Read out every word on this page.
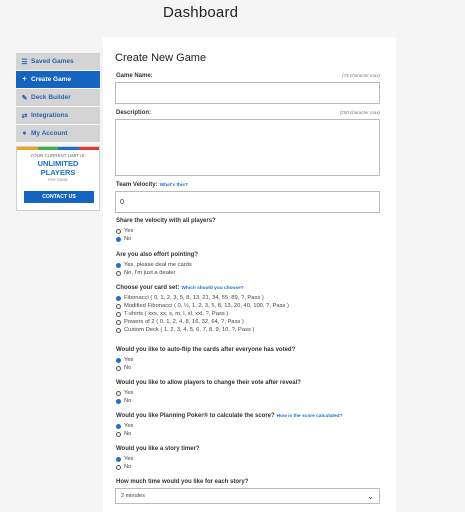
Dashboard
☰ Saved Games
+ Create Game
✎ Deck Builder
⇄ Integrations
● My Account
YOUR CURRENT LIMIT IS:
UNLIMITED
PLAYERS
PER GAME
CONTACT US
Create New Game
Game Name:	(75 character max)
Description:	(250 character max)
Team Velocity: What's this?
0
Share the velocity with all players?
Yes
No
Are you also effort pointing?
Yes, please deal me cards
No, I'm just a dealer
Choose your card set: Which should you choose?
Fibonacci ( 0, 1, 2, 3, 5, 8, 13, 21, 34, 55, 89, ?, Pass )
Modified Fibonacci ( 0, ½, 1, 2, 3, 5, 8, 13, 20, 40, 100, ?, Pass )
T-shirts ( xxs, xs, s, m, l, xl, xxl, ?, Pass )
Powers of 2 ( 0, 1, 2, 4, 8, 16, 32, 64, ?, Pass )
Custom Deck ( 1, 2, 3, 4, 5, 6, 7, 8, 9, 10, ?, Pass )
Would you like to auto-flip the cards after everyone has voted?
Yes
No
Would you like to allow players to change their vote after reveal?
Yes
No
Would you like Planning Poker® to calculate the score? How is the score calculated?
Yes
No
Would you like a story timer?
Yes
No
How much time would you like for each story?
2 minutes	⌄
